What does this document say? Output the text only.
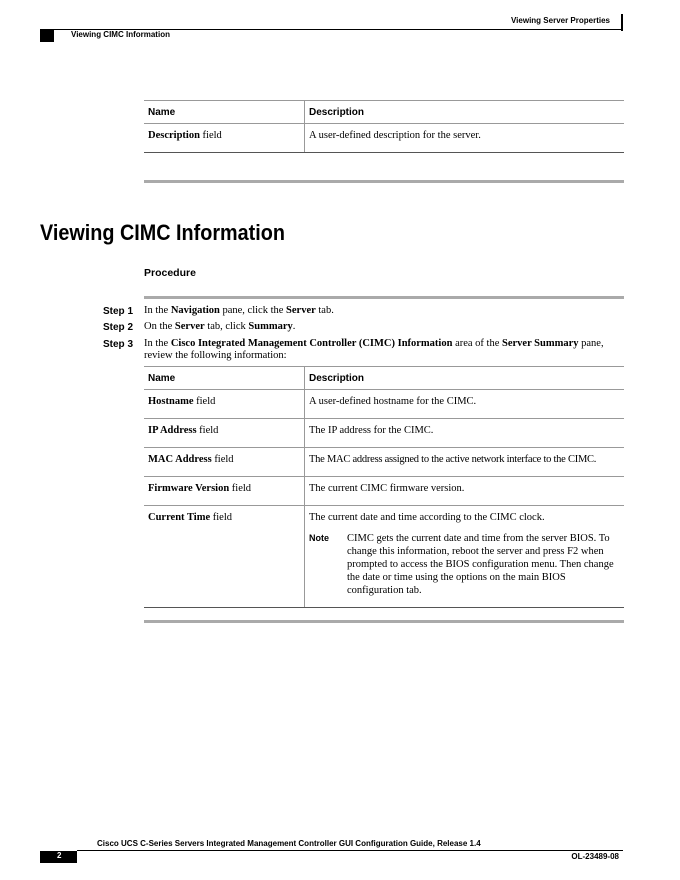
Viewing Server Properties
Viewing CIMC Information
Name	Description
Description field	A user-defined description for the server.
Viewing CIMC Information
Procedure
Step 1 In the Navigation pane, click the Server tab.
Step 2 On the Server tab, click Summary.
Step 3 In the Cisco Integrated Management Controller (CIMC) Information area of the Server Summary pane, review the following information:
Name	Description
Hostname field	A user-defined hostname for the CIMC.
IP Address field	The IP address for the CIMC.
MAC Address field	The MAC address assigned to the active network interface to the CIMC.
Firmware Version field	The current CIMC firmware version.
Current Time field	The current date and time according to the CIMC clock.
Note CIMC gets the current date and time from the server BIOS. To change this information, reboot the server and press F2 when prompted to access the BIOS configuration menu. Then change the date or time using the options on the main BIOS configuration tab.
Cisco UCS C-Series Servers Integrated Management Controller GUI Configuration Guide, Release 1.4
2	OL-23489-08
